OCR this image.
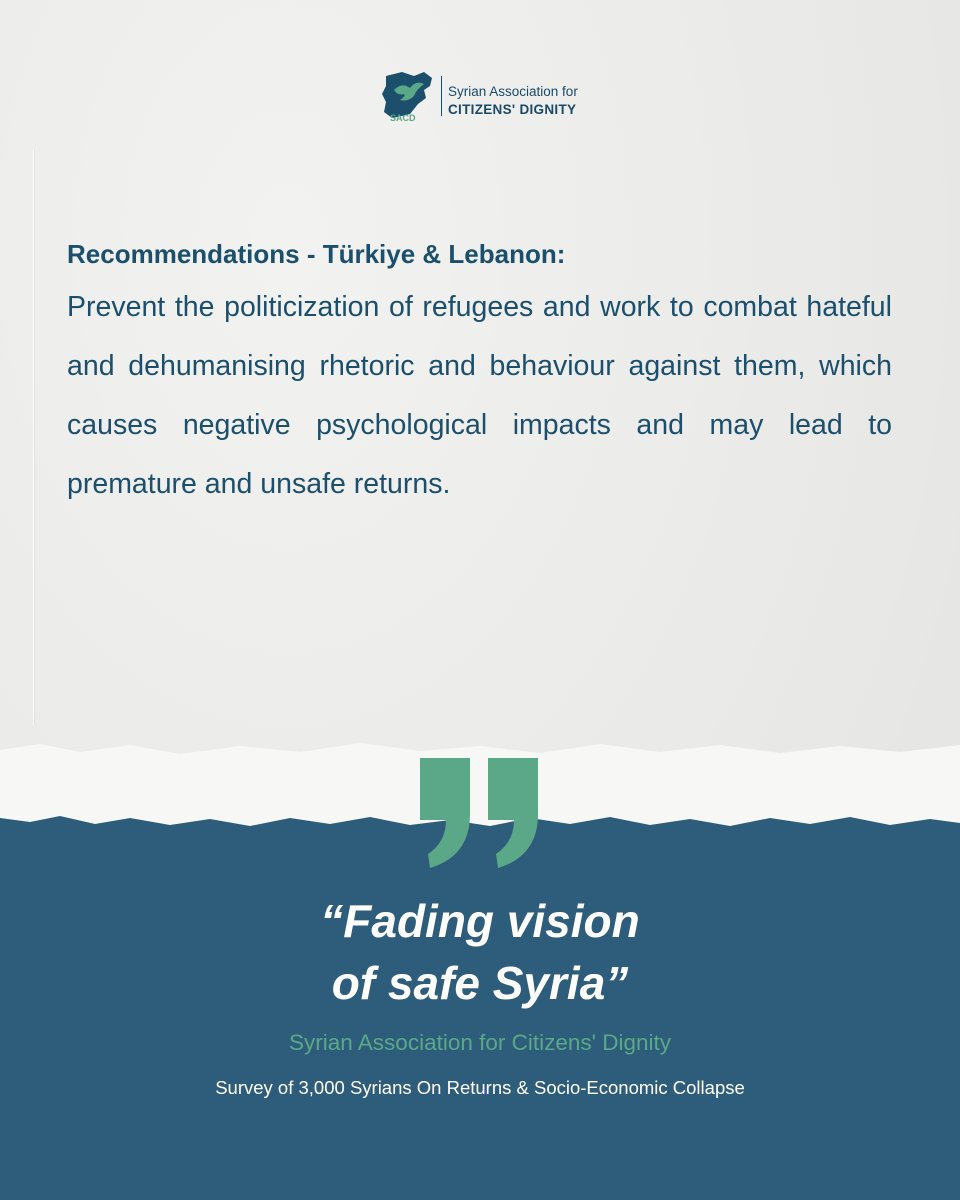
SACD
Syrian Association for
CITIZENS' DIGNITY

Recommendations - Türkiye & Lebanon:

Prevent the politicization of refugees and work to combat hateful and dehumanising rhetoric and behaviour against them, which causes negative psychological impacts and may lead to premature and unsafe returns.

“Fading vision
of safe Syria”
Syrian Association for Citizens' Dignity
Survey of 3,000 Syrians On Returns & Socio-Economic Collapse
